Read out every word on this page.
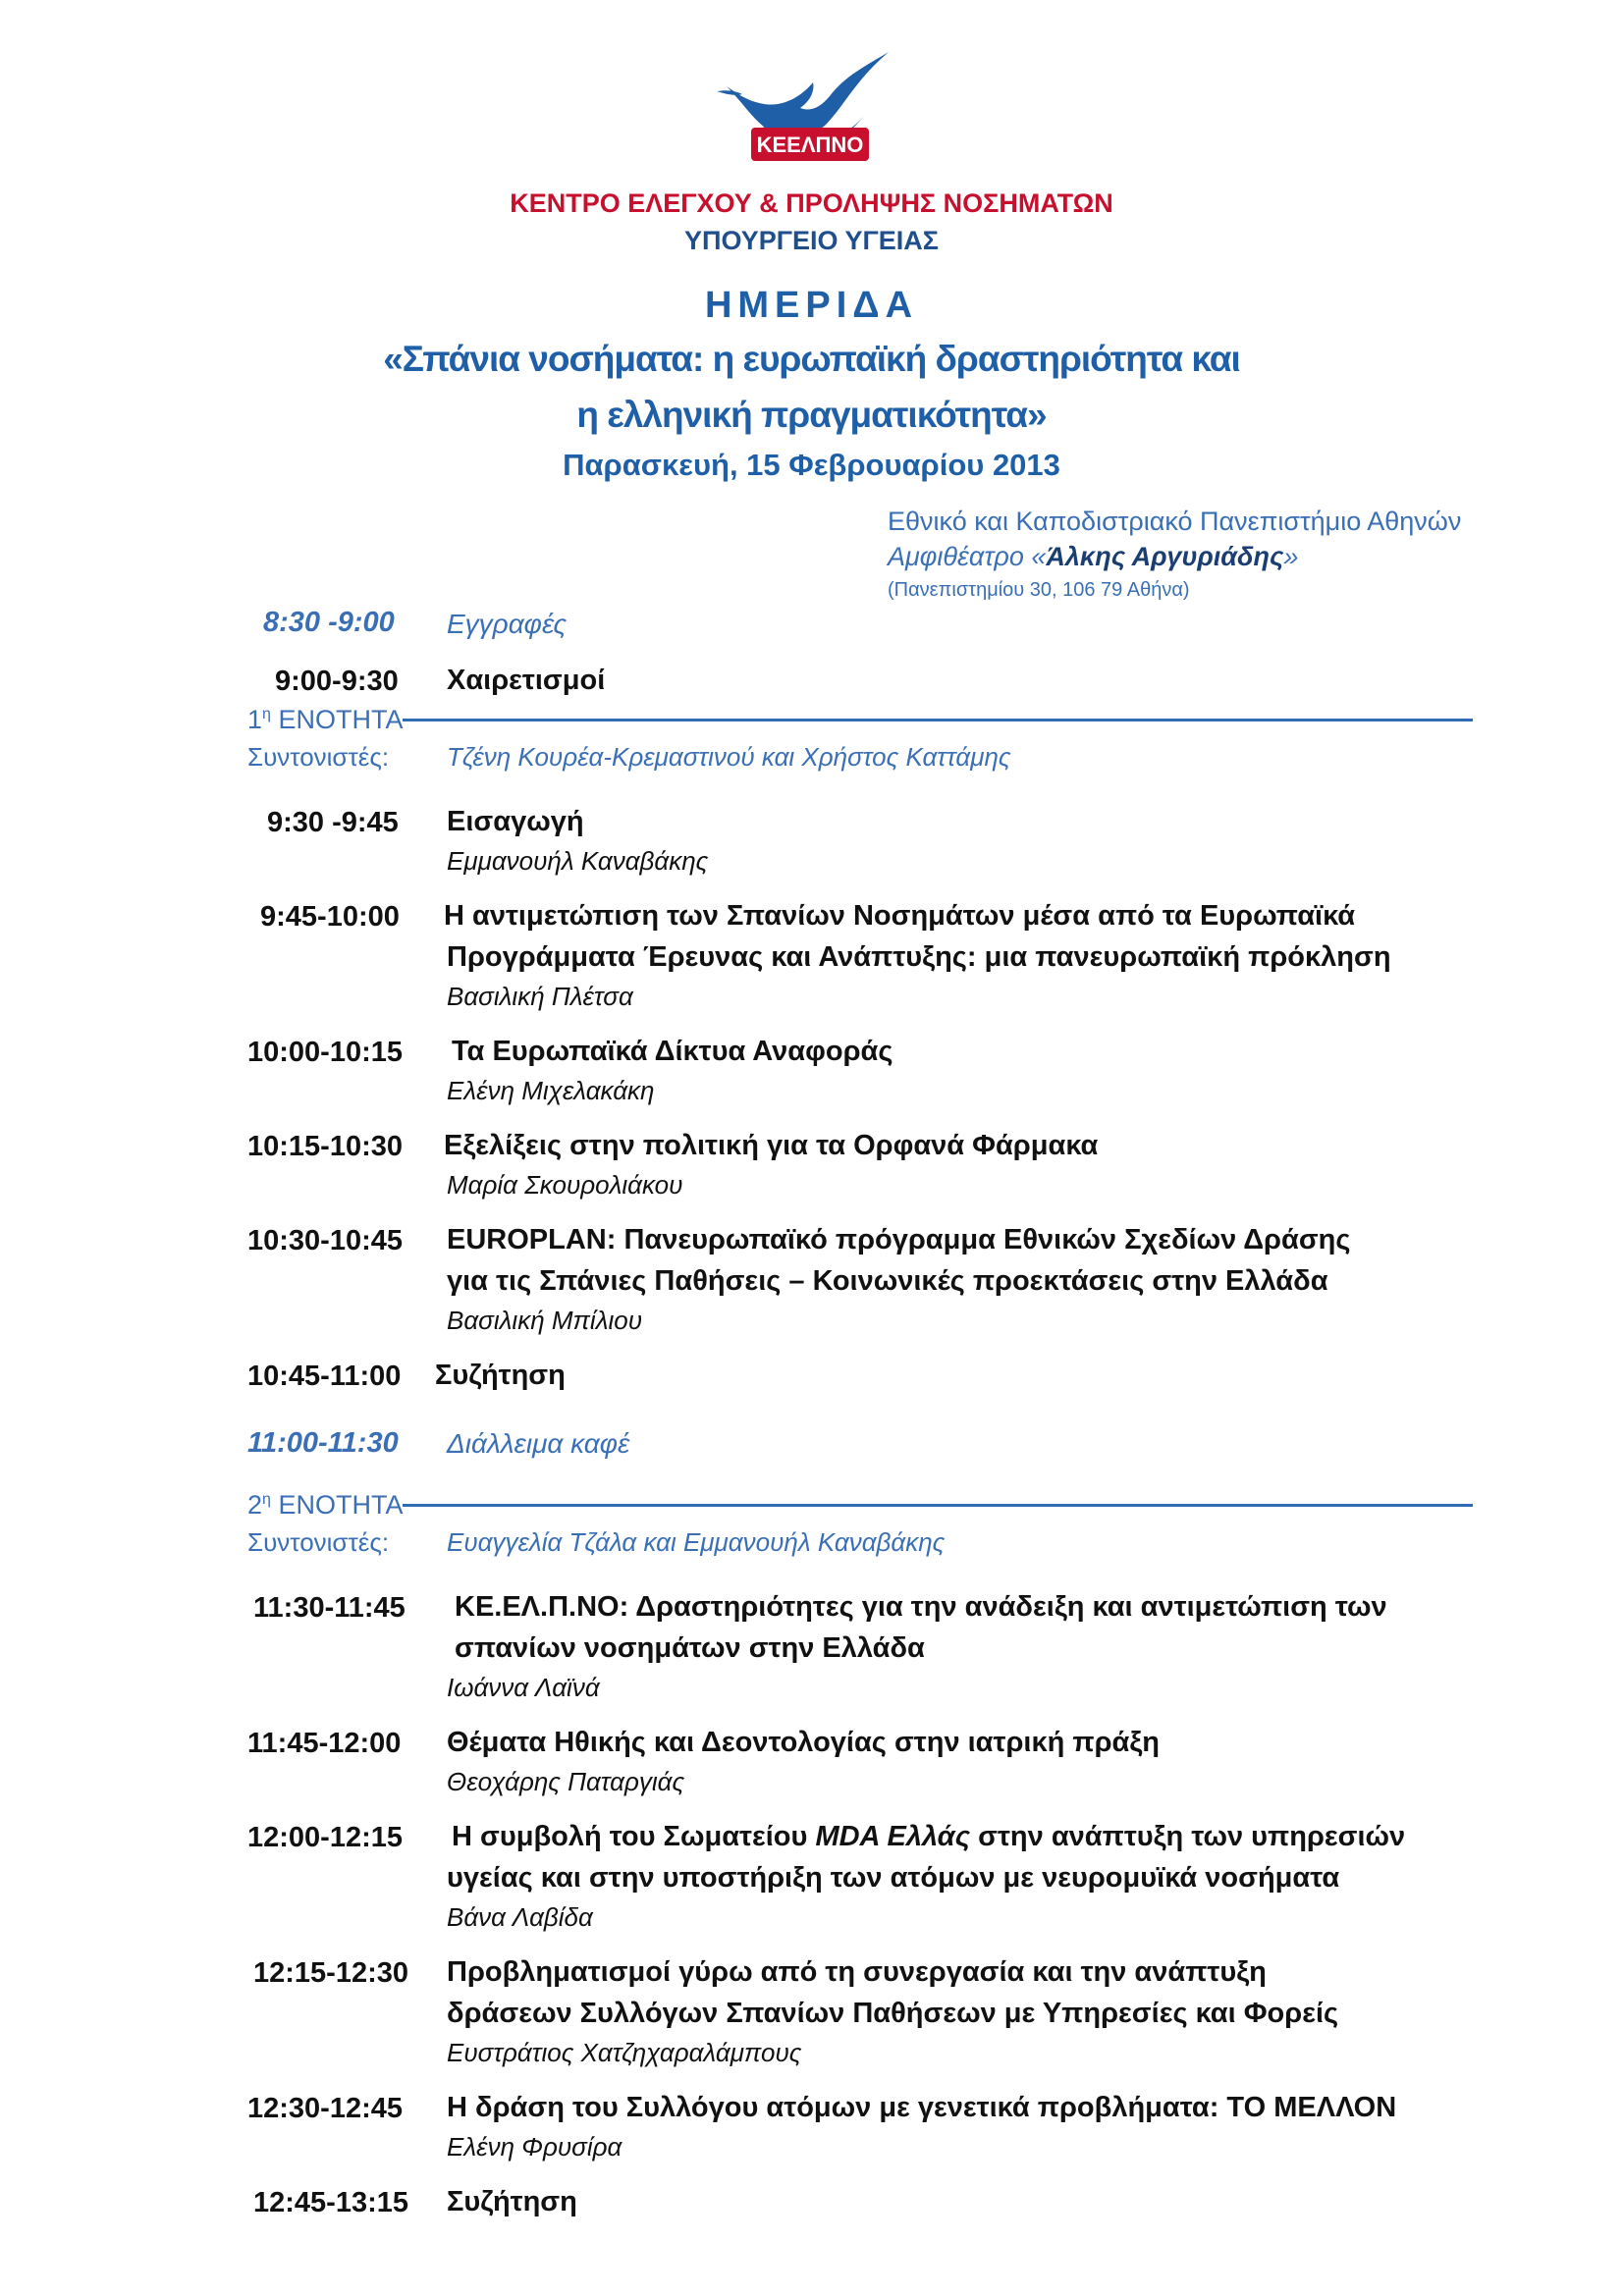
ΚΕΕΛΠΝΟ
ΚΕΝΤΡΟ ΕΛΕΓΧΟΥ & ΠΡΟΛΗΨΗΣ ΝΟΣΗΜΑΤΩΝ
ΥΠΟΥΡΓΕΙΟ ΥΓΕΙΑΣ
ΗΜΕΡΙΔΑ
«Σπάνια νοσήματα: η ευρωπαϊκή δραστηριότητα και
η ελληνική πραγματικότητα»
Παρασκευή, 15 Φεβρουαρίου 2013
Εθνικό και Καποδιστριακό Πανεπιστήμιο Αθηνών
Αμφιθέατρο «Άλκης Αργυριάδης»
(Πανεπιστημίου 30, 106 79 Αθήνα)
8:30 -9:00 Εγγραφές
9:00-9:30 Χαιρετισμοί
$1^\eta$ ΕΝΟΤΗΤΑ
Συντονιστές: Τζένη Κουρέα-Κρεμαστινού και Χρήστος Καττάμης
9:30 -9:45 Εισαγωγή
Εμμανουήλ Καναβάκης
9:45-10:00 Η αντιμετώπιση των Σπανίων Νοσημάτων μέσα από τα Ευρωπαϊκά
Προγράμματα Έρευνας και Ανάπτυξης: μια πανευρωπαϊκή πρόκληση
Βασιλική Πλέτσα
10:00-10:15 Τα Ευρωπαϊκά Δίκτυα Αναφοράς
Ελένη Μιχελακάκη
10:15-10:30 Εξελίξεις στην πολιτική για τα Ορφανά Φάρμακα
Μαρία Σκουρολιάκου
10:30-10:45 EUROPLAN: Πανευρωπαϊκό πρόγραμμα Εθνικών Σχεδίων Δράσης
για τις Σπάνιες Παθήσεις – Κοινωνικές προεκτάσεις στην Ελλάδα
Βασιλική Μπίλιου
10:45-11:00 Συζήτηση
11:00-11:30 Διάλλειμα καφέ
$2^\eta$ ΕΝΟΤΗΤΑ
Συντονιστές: Ευαγγελία Τζάλα και Εμμανουήλ Καναβάκης
11:30-11:45 ΚΕ.ΕΛ.Π.ΝΟ: Δραστηριότητες για την ανάδειξη και αντιμετώπιση των
σπανίων νοσημάτων στην Ελλάδα
Ιωάννα Λαϊνά
11:45-12:00 Θέματα Ηθικής και Δεοντολογίας στην ιατρική πράξη
Θεοχάρης Παταργιάς
12:00-12:15 Η συμβολή του Σωματείου MDA Ελλάς στην ανάπτυξη των υπηρεσιών
υγείας και στην υποστήριξη των ατόμων με νευρομυϊκά νοσήματα
Βάνα Λαβίδα
12:15-12:30 Προβληματισμοί γύρω από τη συνεργασία και την ανάπτυξη
δράσεων Συλλόγων Σπανίων Παθήσεων με Υπηρεσίες και Φορείς
Ευστράτιος Χατζηχαραλάμπους
12:30-12:45 Η δράση του Συλλόγου ατόμων με γενετικά προβλήματα: ΤΟ ΜΕΛΛΟΝ
Ελένη Φρυσίρα
12:45-13:15 Συζήτηση
